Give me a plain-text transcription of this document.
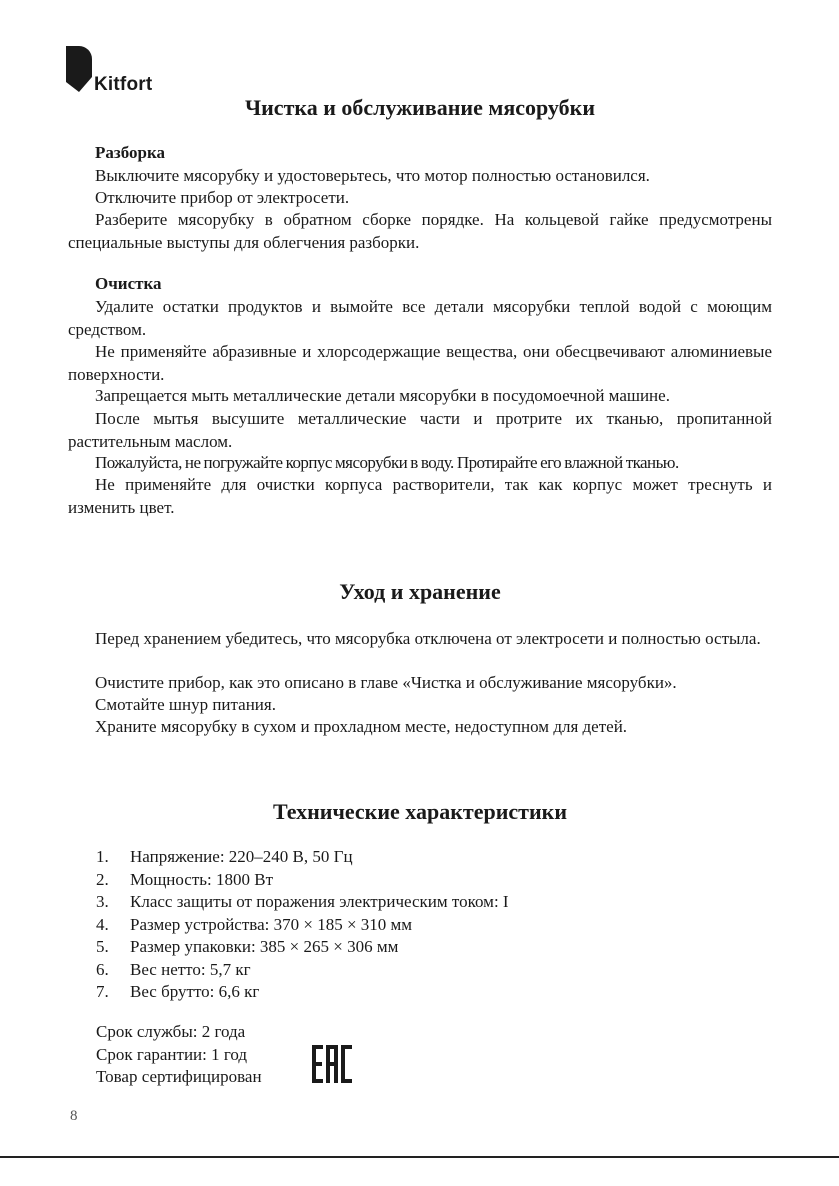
Kitfort
Чистка и обслуживание мясорубки
Разборка

Выключите мясорубку и удостоверьтесь, что мотор полностью остановился.

Отключите прибор от электросети.

Разберите мясорубку в обратном сборке порядке. На кольцевой гайке предусмотрены специальные выступы для облегчения разборки.

Очистка

Удалите остатки продуктов и вымойте все детали мясорубки теплой водой с моющим средством.

Не применяйте абразивные и хлорсодержащие вещества, они обесцвечивают алюминиевые поверхности.

Запрещается мыть металлические детали мясорубки в посудомоечной машине.

После мытья высушите металлические части и протрите их тканью, пропитанной растительным маслом.

Пожалуйста, не погружайте корпус мясорубки в воду. Протирайте его влажной тканью.

Не применяйте для очистки корпуса растворители, так как корпус может треснуть и изменить цвет.

Уход и хранение

Перед хранением убедитесь, что мясорубка отключена от электросети и полностью остыла.

Очистите прибор, как это описано в главе «Чистка и обслуживание мясорубки».

Смотайте шнур питания.

Храните мясорубку в сухом и прохладном месте, недоступном для детей.

Технические характеристики
1. Напряжение: 220–240 В, 50 Гц
2. Мощность: 1800 Вт
3. Класс защиты от поражения электрическим током: I
4. Размер устройства: 370 × 185 × 310 мм
5. Размер упаковки: 385 × 265 × 306 мм
6. Вес нетто: 5,7 кг
7. Вес брутто: 6,6 кг
Срок службы: 2 года
Срок гарантии: 1 год
Товар сертифицирован
8
